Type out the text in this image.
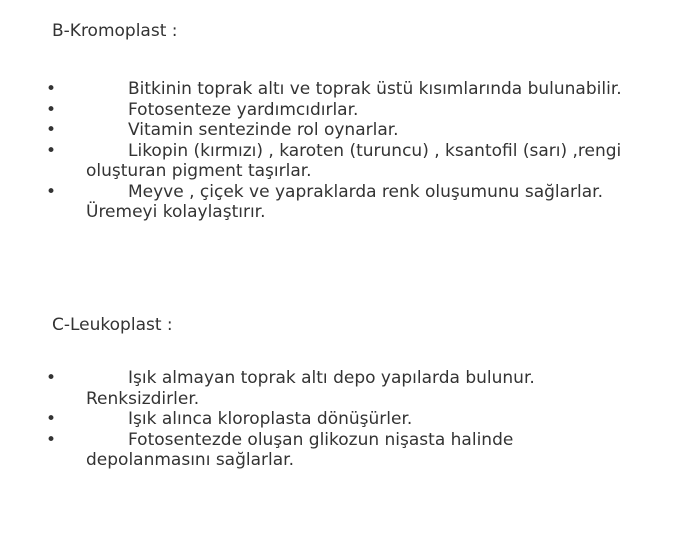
B-Kromoplast :
•	Bitkinin toprak altı ve toprak üstü kısımlarında bulunabilir.
•	Fotosenteze yardımcıdırlar.
•	Vitamin sentezinde rol oynarlar.
•	Likopin (kırmızı) , karoten (turuncu) , ksantofil (sarı) ,rengi oluşturan pigment taşırlar.
•	Meyve , çiçek ve yapraklarda renk oluşumunu sağlarlar. Üremeyi kolaylaştırır.
C-Leukoplast :
•	Işık almayan toprak altı depo yapılarda bulunur. Renksizdirler.
•	Işık alınca kloroplasta dönüşürler.
•	Fotosentezde oluşan glikozun nişasta halinde depolanmasını sağlarlar.
